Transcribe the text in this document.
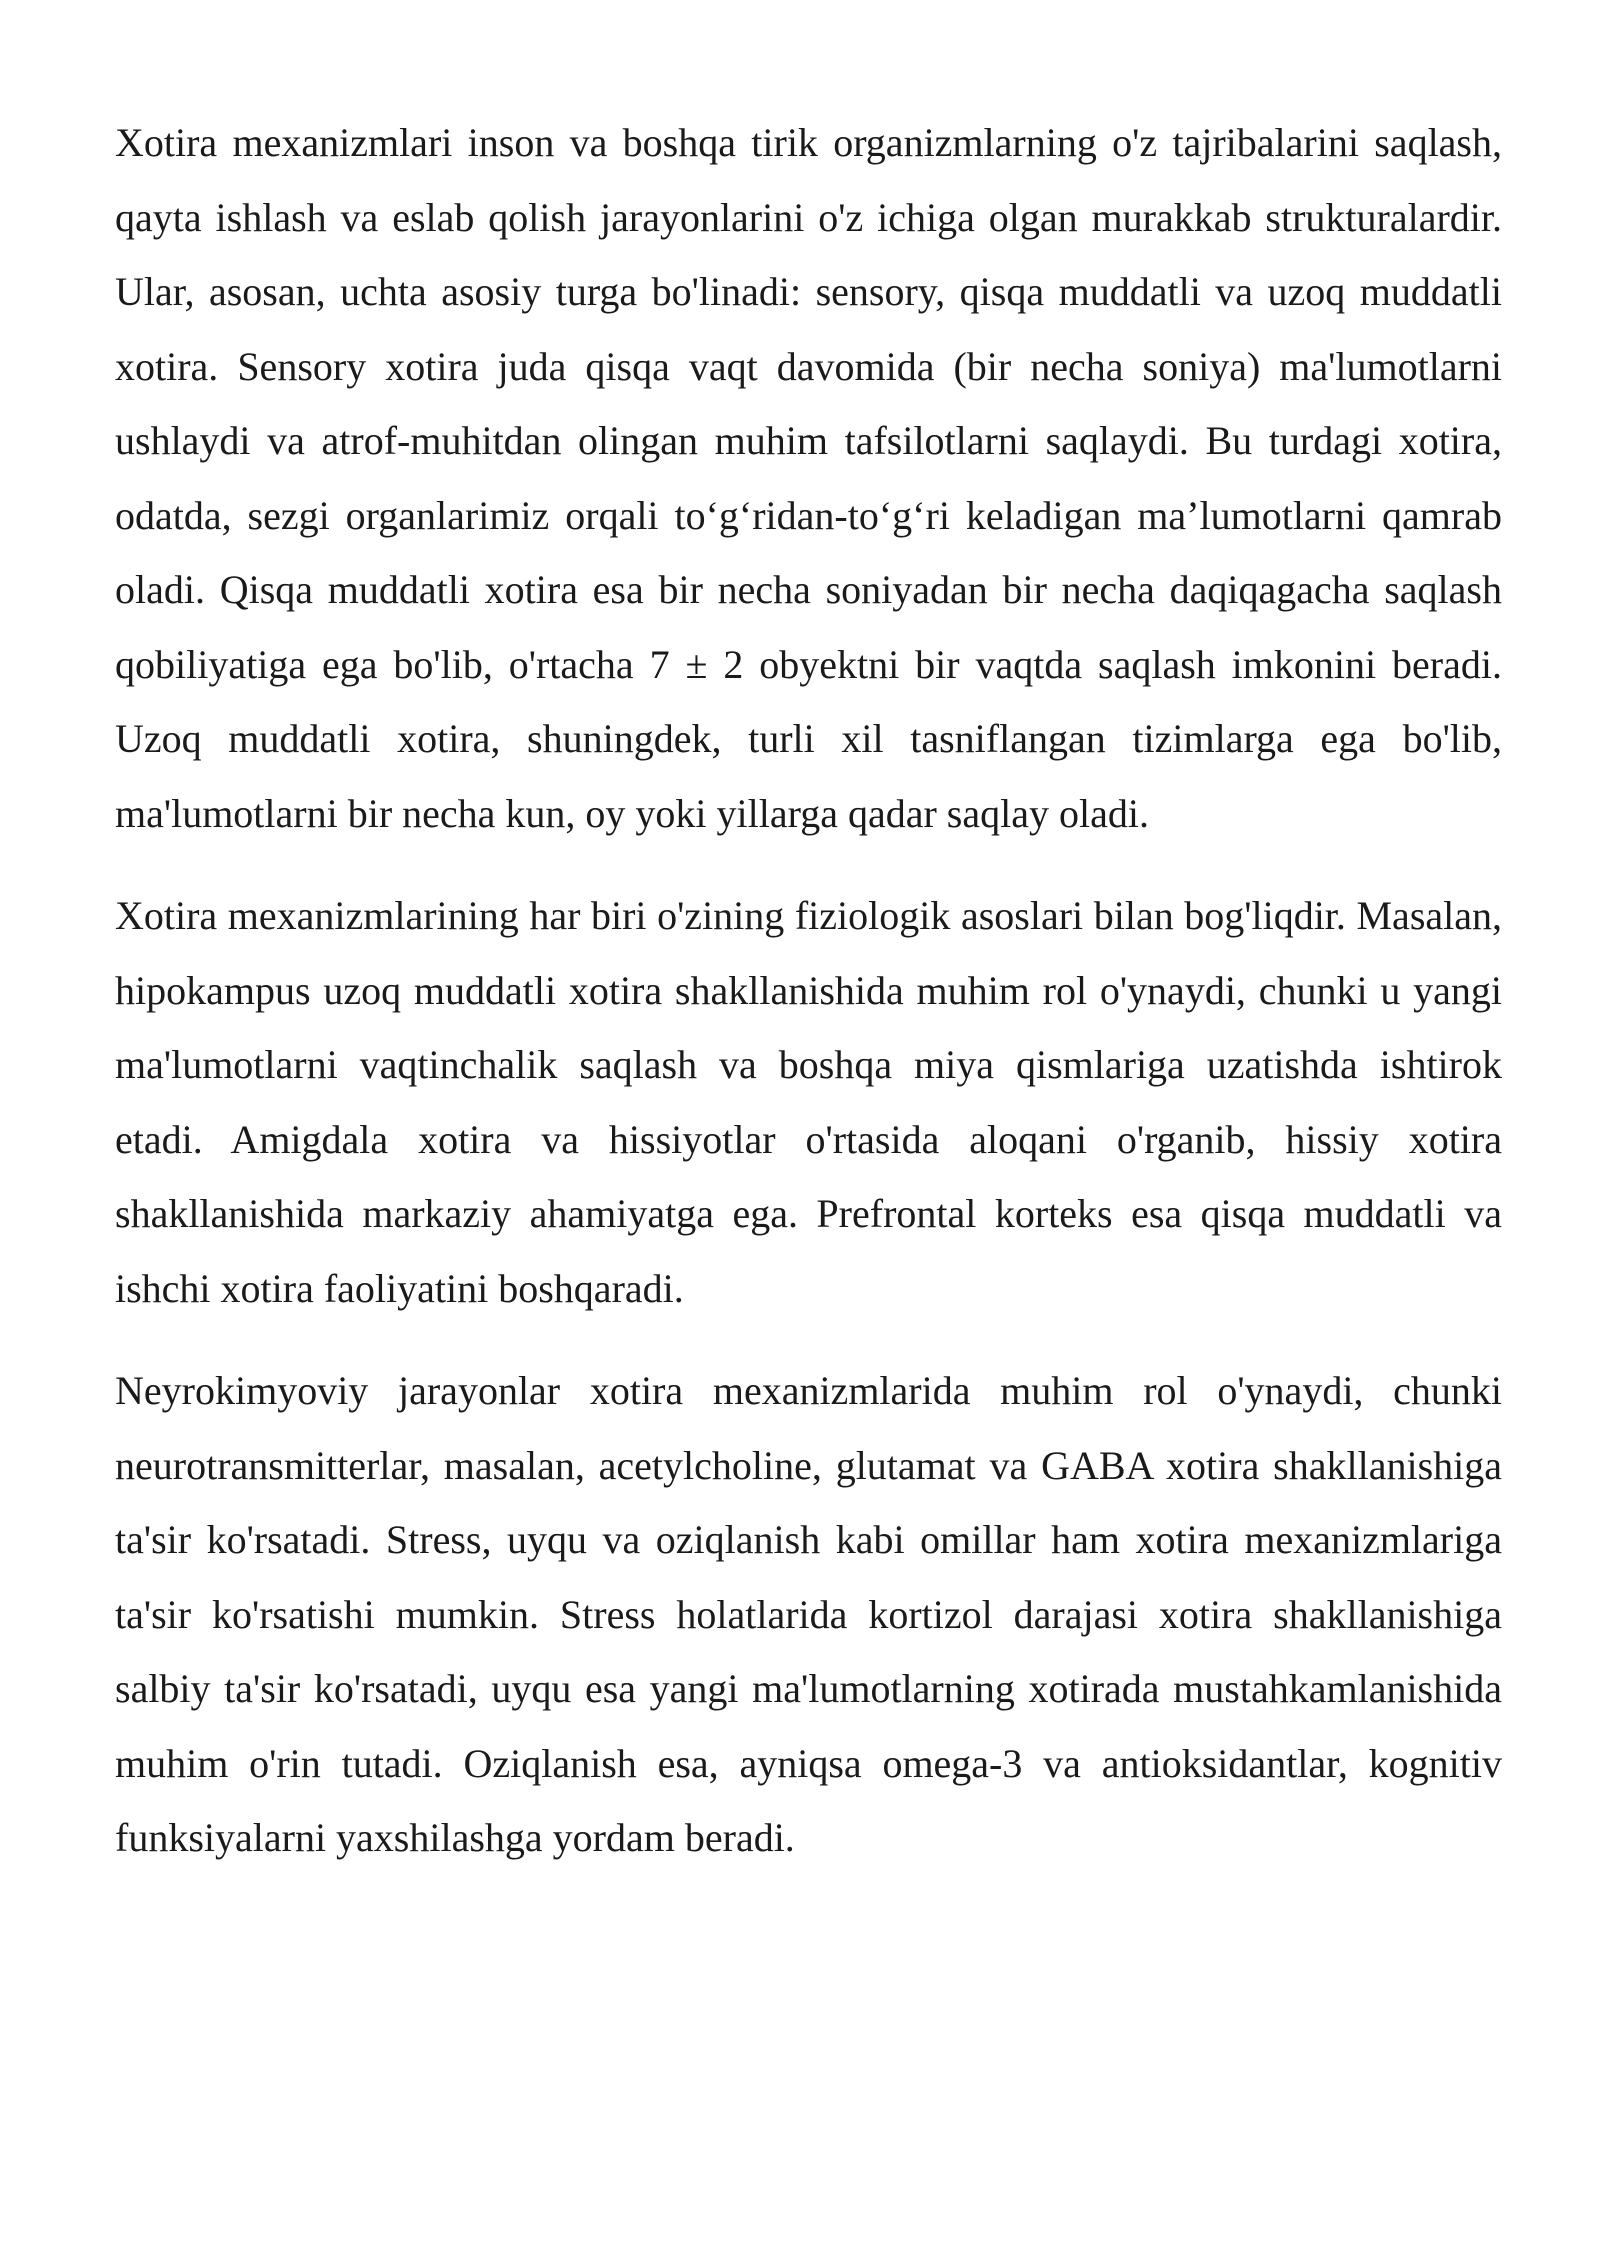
Xotira mexanizmlari inson va boshqa tirik organizmlarning o'z tajribalarini saqlash, qayta ishlash va eslab qolish jarayonlarini o'z ichiga olgan murakkab strukturalardir. Ular, asosan, uchta asosiy turga bo'linadi: sensory, qisqa muddatli va uzoq muddatli xotira. Sensory xotira juda qisqa vaqt davomida (bir necha soniya) ma'lumotlarni ushlaydi va atrof-muhitdan olingan muhim tafsilotlarni saqlaydi. Bu turdagi xotira, odatda, sezgi organlarimiz orqali to‘g‘ridan-to‘g‘ri keladigan ma’lumotlarni qamrab oladi. Qisqa muddatli xotira esa bir necha soniyadan bir necha daqiqagacha saqlash qobiliyatiga ega bo'lib, o'rtacha 7 ± 2 obyektni bir vaqtda saqlash imkonini beradi. Uzoq muddatli xotira, shuningdek, turli xil tasniflangan tizimlarga ega bo'lib, ma'lumotlarni bir necha kun, oy yoki yillarga qadar saqlay oladi.

Xotira mexanizmlarining har biri o'zining fiziologik asoslari bilan bog'liqdir. Masalan, hipokampus uzoq muddatli xotira shakllanishida muhim rol o'ynaydi, chunki u yangi ma'lumotlarni vaqtinchalik saqlash va boshqa miya qismlariga uzatishda ishtirok etadi. Amigdala xotira va hissiyotlar o'rtasida aloqani o'rganib, hissiy xotira shakllanishida markaziy ahamiyatga ega. Prefrontal korteks esa qisqa muddatli va ishchi xotira faoliyatini boshqaradi.

Neyrokimyoviy jarayonlar xotira mexanizmlarida muhim rol o'ynaydi, chunki neurotransmitterlar, masalan, acetylcholine, glutamat va GABA xotira shakllanishiga ta'sir ko'rsatadi. Stress, uyqu va oziqlanish kabi omillar ham xotira mexanizmlariga ta'sir ko'rsatishi mumkin. Stress holatlarida kortizol darajasi xotira shakllanishiga salbiy ta'sir ko'rsatadi, uyqu esa yangi ma'lumotlarning xotirada mustahkamlanishida muhim o'rin tutadi. Oziqlanish esa, ayniqsa omega-3 va antioksidantlar, kognitiv funksiyalarni yaxshilashga yordam beradi.
